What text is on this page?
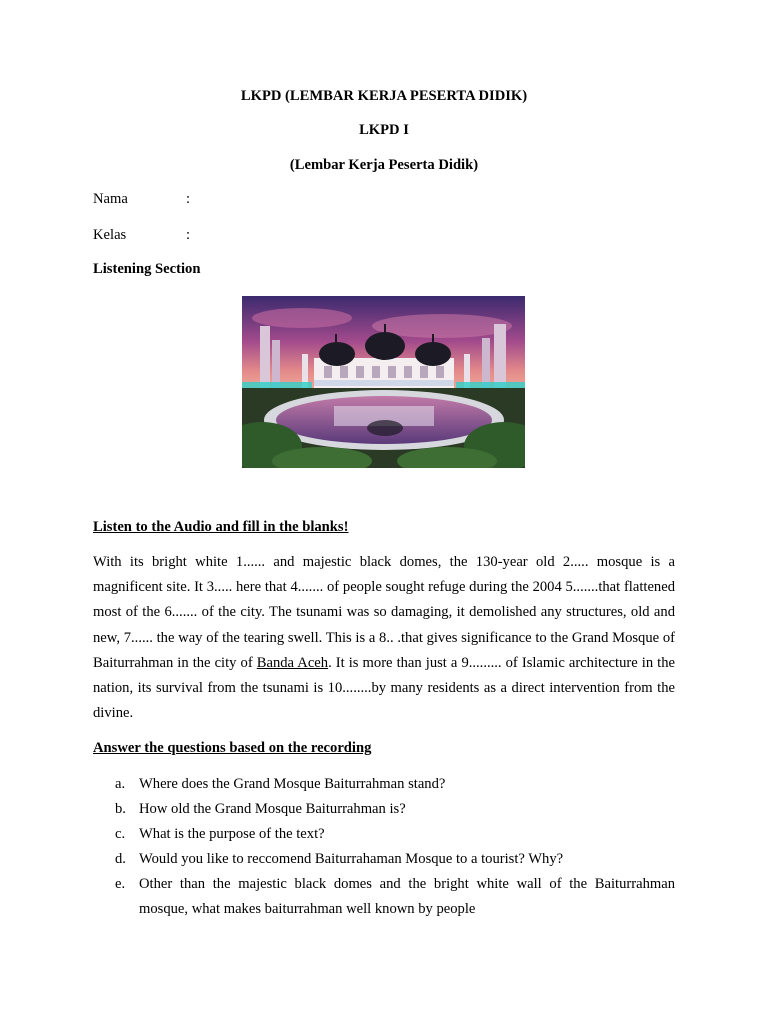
LKPD (LEMBAR KERJA PESERTA DIDIK)
LKPD I
(Lembar Kerja Peserta Didik)
Nama	:
Kelas	:
Listening Section
Listen to the Audio and fill in the blanks!
With its bright white 1...... and majestic black domes, the 130-year old 2..... mosque is a magnificent site. It 3..... here that 4....... of people sought refuge during the 2004 5.......that flattened most of the 6....... of the city. The tsunami was so damaging, it demolished any structures, old and new, 7...... the way of the tearing swell. This is a 8.. .that gives significance to the Grand Mosque of Baiturrahman in the city of Banda Aceh. It is more than just a 9......... of Islamic architecture in the nation, its survival from the tsunami is 10........by many residents as a direct intervention from the divine.
Answer the questions based on the recording
a. Where does the Grand Mosque Baiturrahman stand?
b. How old the Grand Mosque Baiturrahman is?
c. What is the purpose of the text?
d. Would you like to reccomend Baiturrahaman Mosque to a tourist? Why?
e. Other than the majestic black domes and the bright white wall of the Baiturrahman mosque, what makes baiturrahman well known by people
